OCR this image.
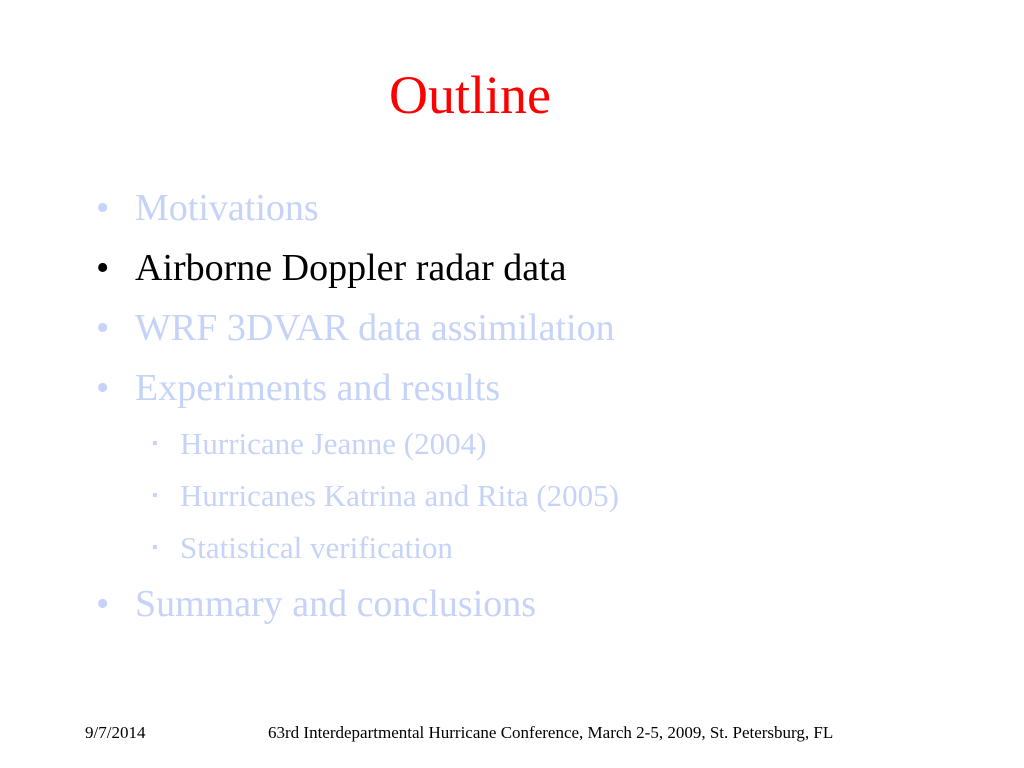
Outline
• Motivations
• Airborne Doppler radar data
• WRF 3DVAR data assimilation
• Experiments and results
▪ Hurricane Jeanne (2004)
▪ Hurricanes Katrina and Rita (2005)
▪ Statistical verification
• Summary and conclusions
9/7/2014	63rd Interdepartmental Hurricane Conference, March 2-5, 2009, St. Petersburg, FL
